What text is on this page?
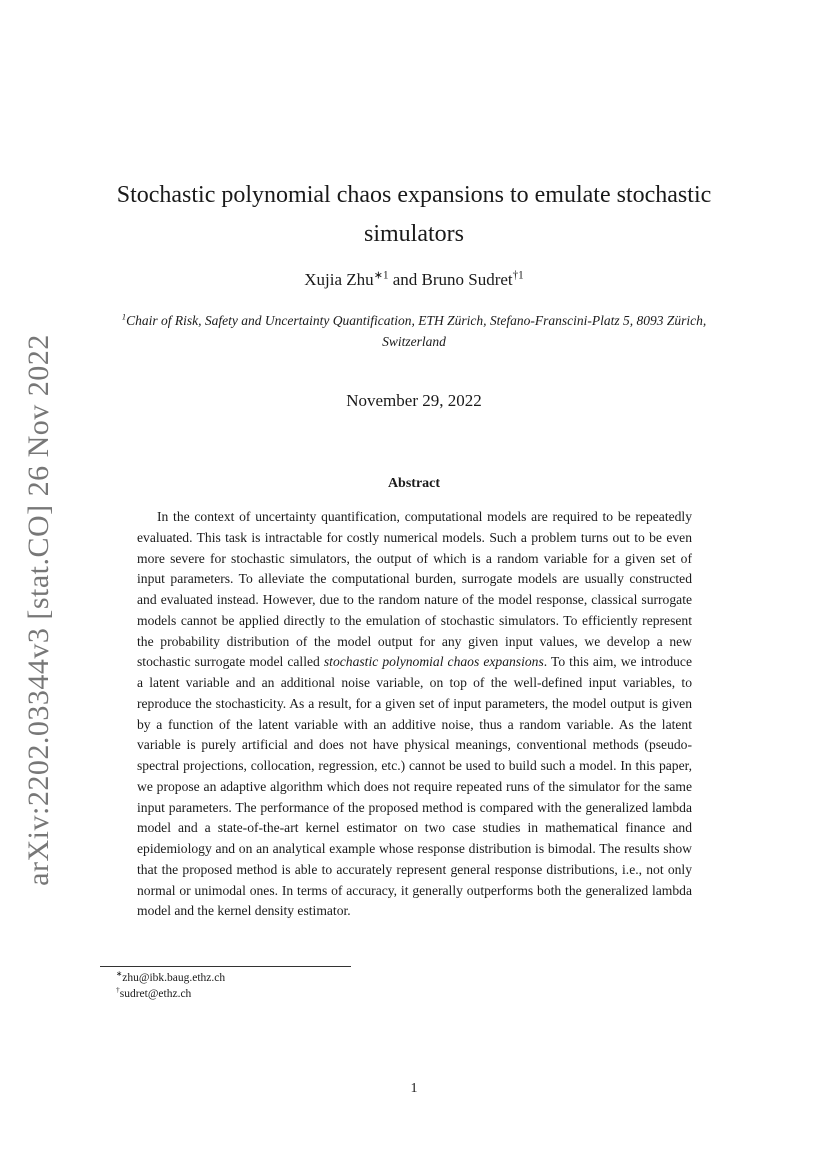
arXiv:2202.03344v3 [stat.CO] 26 Nov 2022
Stochastic polynomial chaos expansions to emulate stochastic simulators
Xujia Zhu$^{∗1}$ and Bruno Sudret$^{\dagger 1}$
$^1$Chair of Risk, Safety and Uncertainty Quantification, ETH Zürich, Stefano-Franscini-Platz 5, 8093 Zürich, Switzerland
November 29, 2022
Abstract

In the context of uncertainty quantification, computational models are required to be repeatedly evaluated. This task is intractable for costly numerical models. Such a problem turns out to be even more severe for stochastic simulators, the output of which is a random variable for a given set of input parameters. To alleviate the computational burden, surrogate models are usually constructed and evaluated instead. However, due to the random nature of the model response, classical surrogate models cannot be applied directly to the emulation of stochastic simulators. To efficiently represent the probability distribution of the model output for any given input values, we develop a new stochastic surrogate model called stochastic polynomial chaos expansions. To this aim, we introduce a latent variable and an additional noise variable, on top of the well-defined input variables, to reproduce the stochasticity. As a result, for a given set of input parameters, the model output is given by a function of the latent variable with an additive noise, thus a random variable. As the latent variable is purely artificial and does not have physical meanings, conventional methods (pseudo-spectral projections, collocation, regression, etc.) cannot be used to build such a model. In this paper, we propose an adaptive algorithm which does not require repeated runs of the simulator for the same input parameters. The performance of the proposed method is compared with the generalized lambda model and a state-of-the-art kernel estimator on two case studies in mathematical finance and epidemiology and on an analytical example whose response distribution is bimodal. The results show that the proposed method is able to accurately represent general response distributions, i.e., not only normal or unimodal ones. In terms of accuracy, it generally outperforms both the generalized lambda model and the kernel density estimator.

∗zhu@ibk.baug.ethz.ch
†sudret@ethz.ch
1
